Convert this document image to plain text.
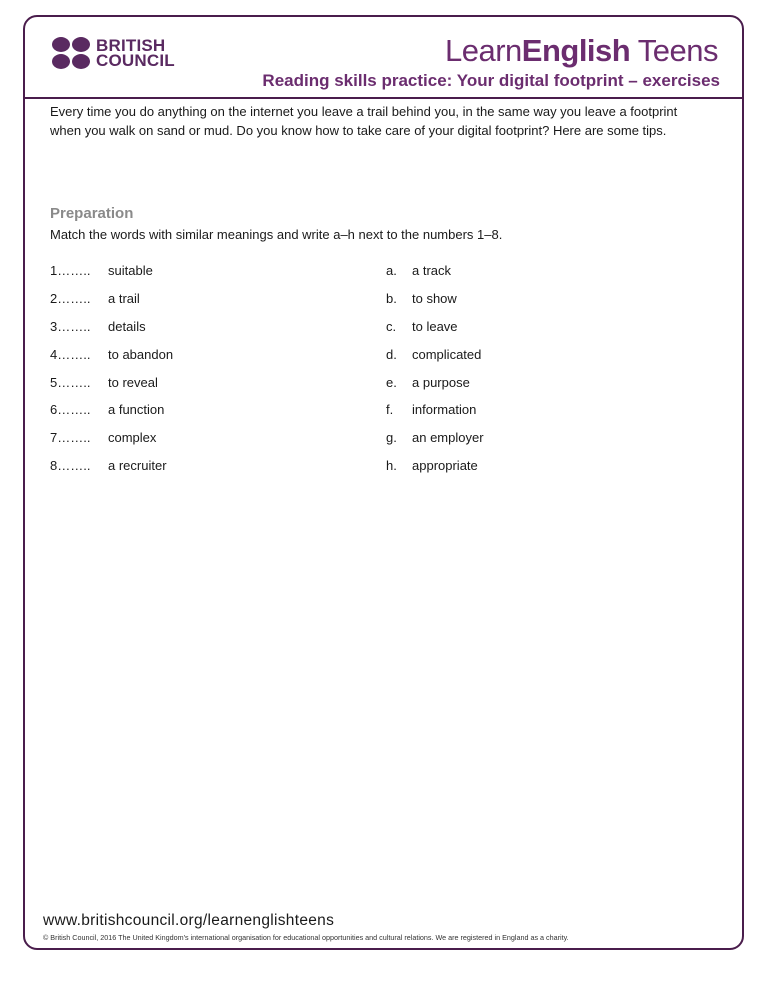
BRITISH
COUNCIL	LearnEnglish Teens
Reading skills practice: Your digital footprint – exercises
Every time you do anything on the internet you leave a trail behind you, in the same way you leave a footprint when you walk on sand or mud. Do you know how to take care of your digital footprint? Here are some tips.
Preparation
Match the words with similar meanings and write a–h next to the numbers 1–8.
1……..	suitable
2……..	a trail
3……..	details
4……..	to abandon
5……..	to reveal
6……..	a function
7……..	complex
8……..	a recruiter
a.	a track
b.	to show
c.	to leave
d.	complicated
e.	a purpose
f.	information
g.	an employer
h.	appropriate
www.britishcouncil.org/learnenglishteens
© British Council, 2016 The United Kingdom's international organisation for educational opportunities and cultural relations. We are registered in England as a charity.
